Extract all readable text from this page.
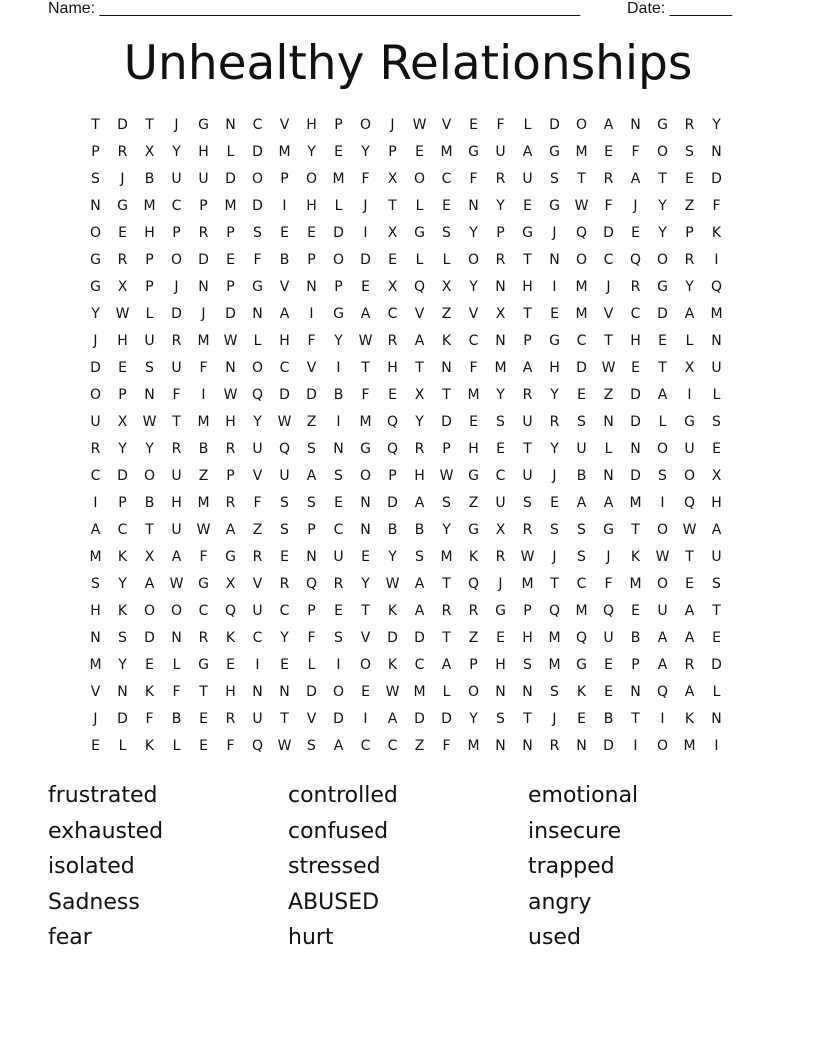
Name: ______________________________________________________	Date: _______
Unhealthy Relationships
T	D	T	J	G	N	C	V	H	P	O	J	W	V	E	F	L	D	O	A	N	G	R	Y
P	R	X	Y	H	L	D	M	Y	E	Y	P	E	M	G	U	A	G	M	E	F	O	S	N
S	J	B	U	U	D	O	P	O	M	F	X	O	C	F	R	U	S	T	R	A	T	E	D
N	G	M	C	P	M	D	I	H	L	J	T	L	E	N	Y	E	G	W	F	J	Y	Z	F
O	E	H	P	R	P	S	E	E	D	I	X	G	S	Y	P	G	J	Q	D	E	Y	P	K
G	R	P	O	D	E	F	B	P	O	D	E	L	L	O	R	T	N	O	C	Q	O	R	I
G	X	P	J	N	P	G	V	N	P	E	X	Q	X	Y	N	H	I	M	J	R	G	Y	Q
Y	W	L	D	J	D	N	A	I	G	A	C	V	Z	V	X	T	E	M	V	C	D	A	M
J	H	U	R	M	W	L	H	F	Y	W	R	A	K	C	N	P	G	C	T	H	E	L	N
D	E	S	U	F	N	O	C	V	I	T	H	T	N	F	M	A	H	D	W	E	T	X	U
O	P	N	F	I	W	Q	D	D	B	F	E	X	T	M	Y	R	Y	E	Z	D	A	I	L
U	X	W	T	M	H	Y	W	Z	I	M	Q	Y	D	E	S	U	R	S	N	D	L	G	S
R	Y	Y	R	B	R	U	Q	S	N	G	Q	R	P	H	E	T	Y	U	L	N	O	U	E
C	D	O	U	Z	P	V	U	A	S	O	P	H	W	G	C	U	J	B	N	D	S	O	X
I	P	B	H	M	R	F	S	S	E	N	D	A	S	Z	U	S	E	A	A	M	I	Q	H
A	C	T	U	W	A	Z	S	P	C	N	B	B	Y	G	X	R	S	S	G	T	O	W	A
M	K	X	A	F	G	R	E	N	U	E	Y	S	M	K	R	W	J	S	J	K	W	T	U
S	Y	A	W	G	X	V	R	Q	R	Y	W	A	T	Q	J	M	T	C	F	M	O	E	S
H	K	O	O	C	Q	U	C	P	E	T	K	A	R	R	G	P	Q	M	Q	E	U	A	T
N	S	D	N	R	K	C	Y	F	S	V	D	D	T	Z	E	H	M	Q	U	B	A	A	E
M	Y	E	L	G	E	I	E	L	I	O	K	C	A	P	H	S	M	G	E	P	A	R	D
V	N	K	F	T	H	N	N	D	O	E	W	M	L	O	N	N	S	K	E	N	Q	A	L
J	D	F	B	E	R	U	T	V	D	I	A	D	D	Y	S	T	J	E	B	T	I	K	N
E	L	K	L	E	F	Q	W	S	A	C	C	Z	F	M	N	N	R	N	D	I	O	M	I
frustrated	controlled	emotional
exhausted	confused	insecure
isolated	stressed	trapped
Sadness	ABUSED	angry
fear	hurt	used
